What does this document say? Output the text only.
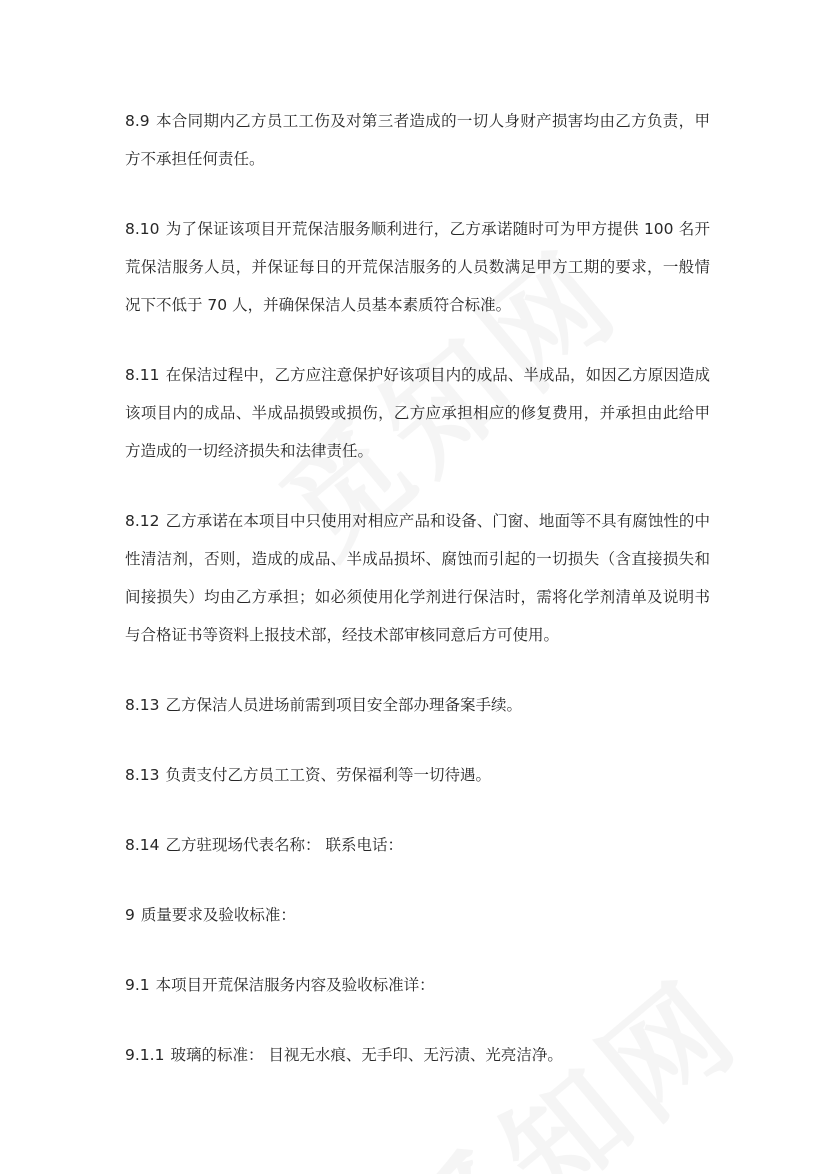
8.9 本合同期内乙方员工工伤及对第三者造成的一切人身财产损害均由乙方负责，甲方不承担任何责任。

8.10 为了保证该项目开荒保洁服务顺利进行，乙方承诺随时可为甲方提供 100 名开荒保洁服务人员，并保证每日的开荒保洁服务的人员数满足甲方工期的要求，一般情况下不低于 70 人，并确保保洁人员基本素质符合标准。

8.11 在保洁过程中，乙方应注意保护好该项目内的成品、半成品，如因乙方原因造成该项目内的成品、半成品损毁或损伤，乙方应承担相应的修复费用，并承担由此给甲方造成的一切经济损失和法律责任。

8.12 乙方承诺在本项目中只使用对相应产品和设备、门窗、地面等不具有腐蚀性的中性清洁剂，否则，造成的成品、半成品损坏、腐蚀而引起的一切损失（含直接损失和间接损失）均由乙方承担；如必须使用化学剂进行保洁时，需将化学剂清单及说明书与合格证书等资料上报技术部，经技术部审核同意后方可使用。

8.13 乙方保洁人员进场前需到项目安全部办理备案手续。

8.13 负责支付乙方员工工资、劳保福利等一切待遇。

8.14 乙方驻现场代表名称： 联系电话：

9 质量要求及验收标准：

9.1 本项目开荒保洁服务内容及验收标准详：

9.1.1 玻璃的标准： 目视无水痕、无手印、无污渍、光亮洁净。
